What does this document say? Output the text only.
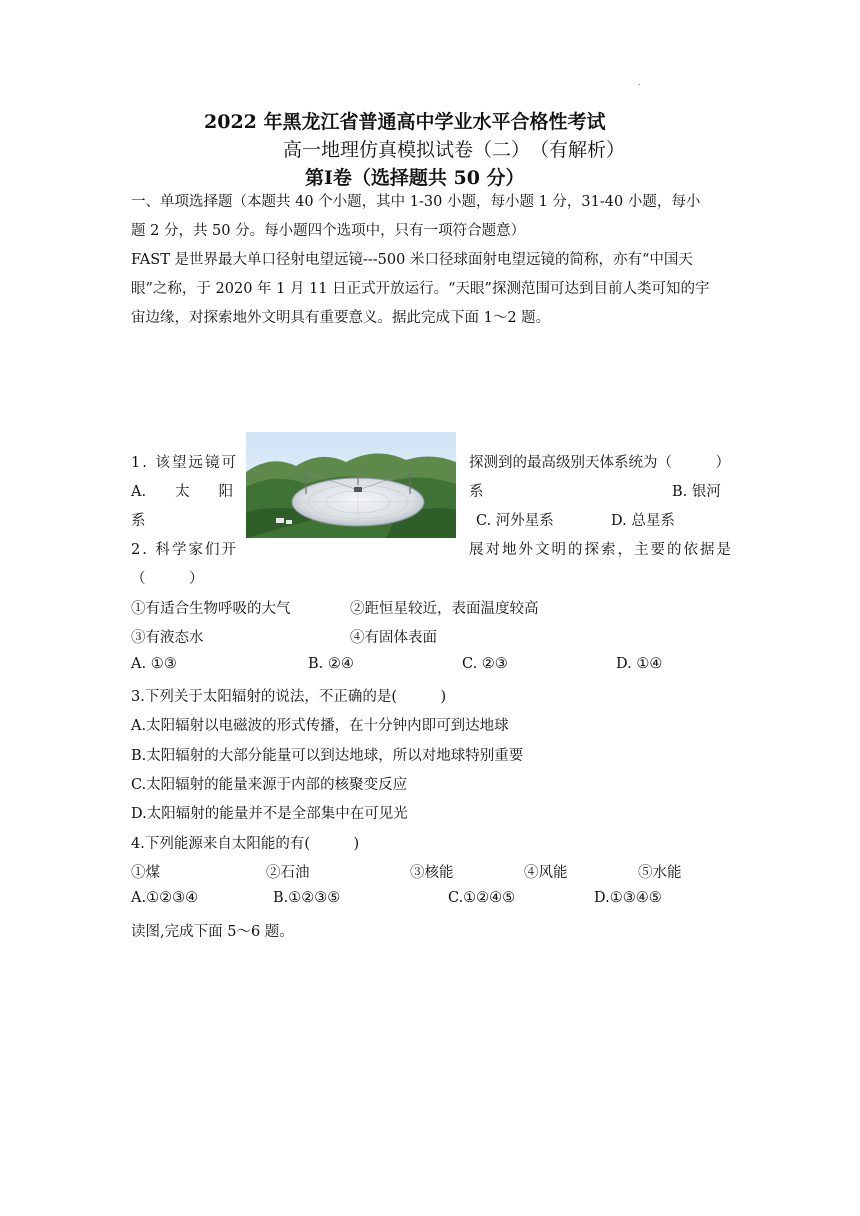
.
2022 年黑龙江省普通高中学业水平合格性考试
高一地理仿真模拟试卷（二）　（有解析）
第Ⅰ卷（选择题共 50 分）
一、单项选择题（本题共 40 个小题，其中 1-30 小题，每小题 1 分，31-40 小题，每小
题 2 分，共 50 分。每小题四个选项中，只有一项符合题意）
FAST 是世界最大单口径射电望远镜---500 米口径球面射电望远镜的简称，亦有“中国天
眼”之称，于 2020 年 1 月 11 日正式开放运行。“天眼”探测范围可达到目前人类可知的宇
宙边缘，对探索地外文明具有重要意义。据此完成下面 1～2 题。
1. 该望远镜可	探测到的最高级别天体系统为（　　　）
A.　　太　　阳	系	B. 银河
系	C. 河外星系	D. 总星系
2. 科学家们开	展对地外文明的探索，主要的依据是
（　　　）
①有适合生物呼吸的大气	②距恒星较近，表面温度较高
③有液态水	④有固体表面
A. ①③	B. ②④	C. ②③	D. ①④
3.下列关于太阳辐射的说法，不正确的是(　　　)
A.太阳辐射以电磁波的形式传播，在十分钟内即可到达地球
B.太阳辐射的大部分能量可以到达地球，所以对地球特别重要
C.太阳辐射的能量来源于内部的核聚变反应
D.太阳辐射的能量并不是全部集中在可见光
4.下列能源来自太阳能的有(　　　)
①煤	②石油	③核能	④风能	⑤水能
A.①②③④	B.①②③⑤	C.①②④⑤	D.①③④⑤
读图,完成下面 5～6 题。
